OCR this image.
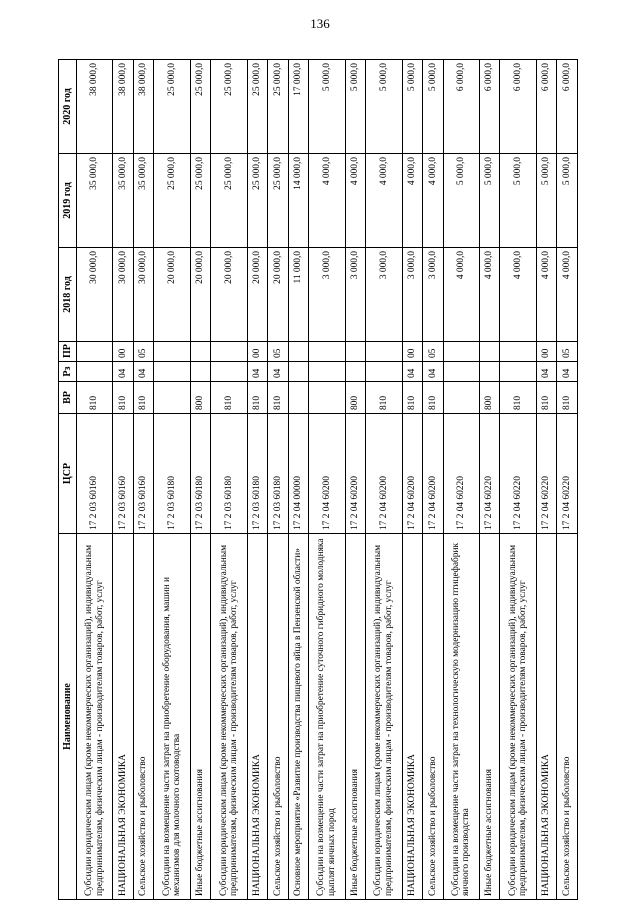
136
Наименование	ЦСР	ВР	Рз	ПР	2018 год	2019 год	2020 год
Субсидии юридическим лицам (кроме некоммерческих организаций), индивидуальным предпринимателям, физическим лицам - производителям товаров, работ, услуг	17 2 03 60160	810			30 000,0	35 000,0	38 000,0
НАЦИОНАЛЬНАЯ ЭКОНОМИКА	17 2 03 60160	810	04	00	30 000,0	35 000,0	38 000,0
Сельское хозяйство и рыболовство	17 2 03 60160	810	04	05	30 000,0	35 000,0	38 000,0
Субсидии на возмещение части затрат на приобретение оборудования, машин и механизмов для молочного скотоводства	17 2 03 60180				20 000,0	25 000,0	25 000,0
Иные бюджетные ассигнования	17 2 03 60180	800			20 000,0	25 000,0	25 000,0
Субсидии юридическим лицам (кроме некоммерческих организаций), индивидуальным предпринимателям, физическим лицам - производителям товаров, работ, услуг	17 2 03 60180	810			20 000,0	25 000,0	25 000,0
НАЦИОНАЛЬНАЯ ЭКОНОМИКА	17 2 03 60180	810	04	00	20 000,0	25 000,0	25 000,0
Сельское хозяйство и рыболовство	17 2 03 60180	810	04	05	20 000,0	25 000,0	25 000,0
Основное мероприятие «Развитие производства пищевого яйца в Пензенской области»	17 2 04 00000				11 000,0	14 000,0	17 000,0
Субсидии на возмещение части затрат на приобретение суточного гибридного молодняка цыплят яичных пород	17 2 04 60200				3 000,0	4 000,0	5 000,0
Иные бюджетные ассигнования	17 2 04 60200	800			3 000,0	4 000,0	5 000,0
Субсидии юридическим лицам (кроме некоммерческих организаций), индивидуальным предпринимателям, физическим лицам - производителям товаров, работ, услуг	17 2 04 60200	810			3 000,0	4 000,0	5 000,0
НАЦИОНАЛЬНАЯ ЭКОНОМИКА	17 2 04 60200	810	04	00	3 000,0	4 000,0	5 000,0
Сельское хозяйство и рыболовство	17 2 04 60200	810	04	05	3 000,0	4 000,0	5 000,0
Субсидии на возмещение части затрат на технологическую модернизацию птицефабрик яичного производства	17 2 04 60220				4 000,0	5 000,0	6 000,0
Иные бюджетные ассигнования	17 2 04 60220	800			4 000,0	5 000,0	6 000,0
Субсидии юридическим лицам (кроме некоммерческих организаций), индивидуальным предпринимателям, физическим лицам - производителям товаров, работ, услуг	17 2 04 60220	810			4 000,0	5 000,0	6 000,0
НАЦИОНАЛЬНАЯ ЭКОНОМИКА	17 2 04 60220	810	04	00	4 000,0	5 000,0	6 000,0
Сельское хозяйство и рыболовство	17 2 04 60220	810	04	05	4 000,0	5 000,0	6 000,0
